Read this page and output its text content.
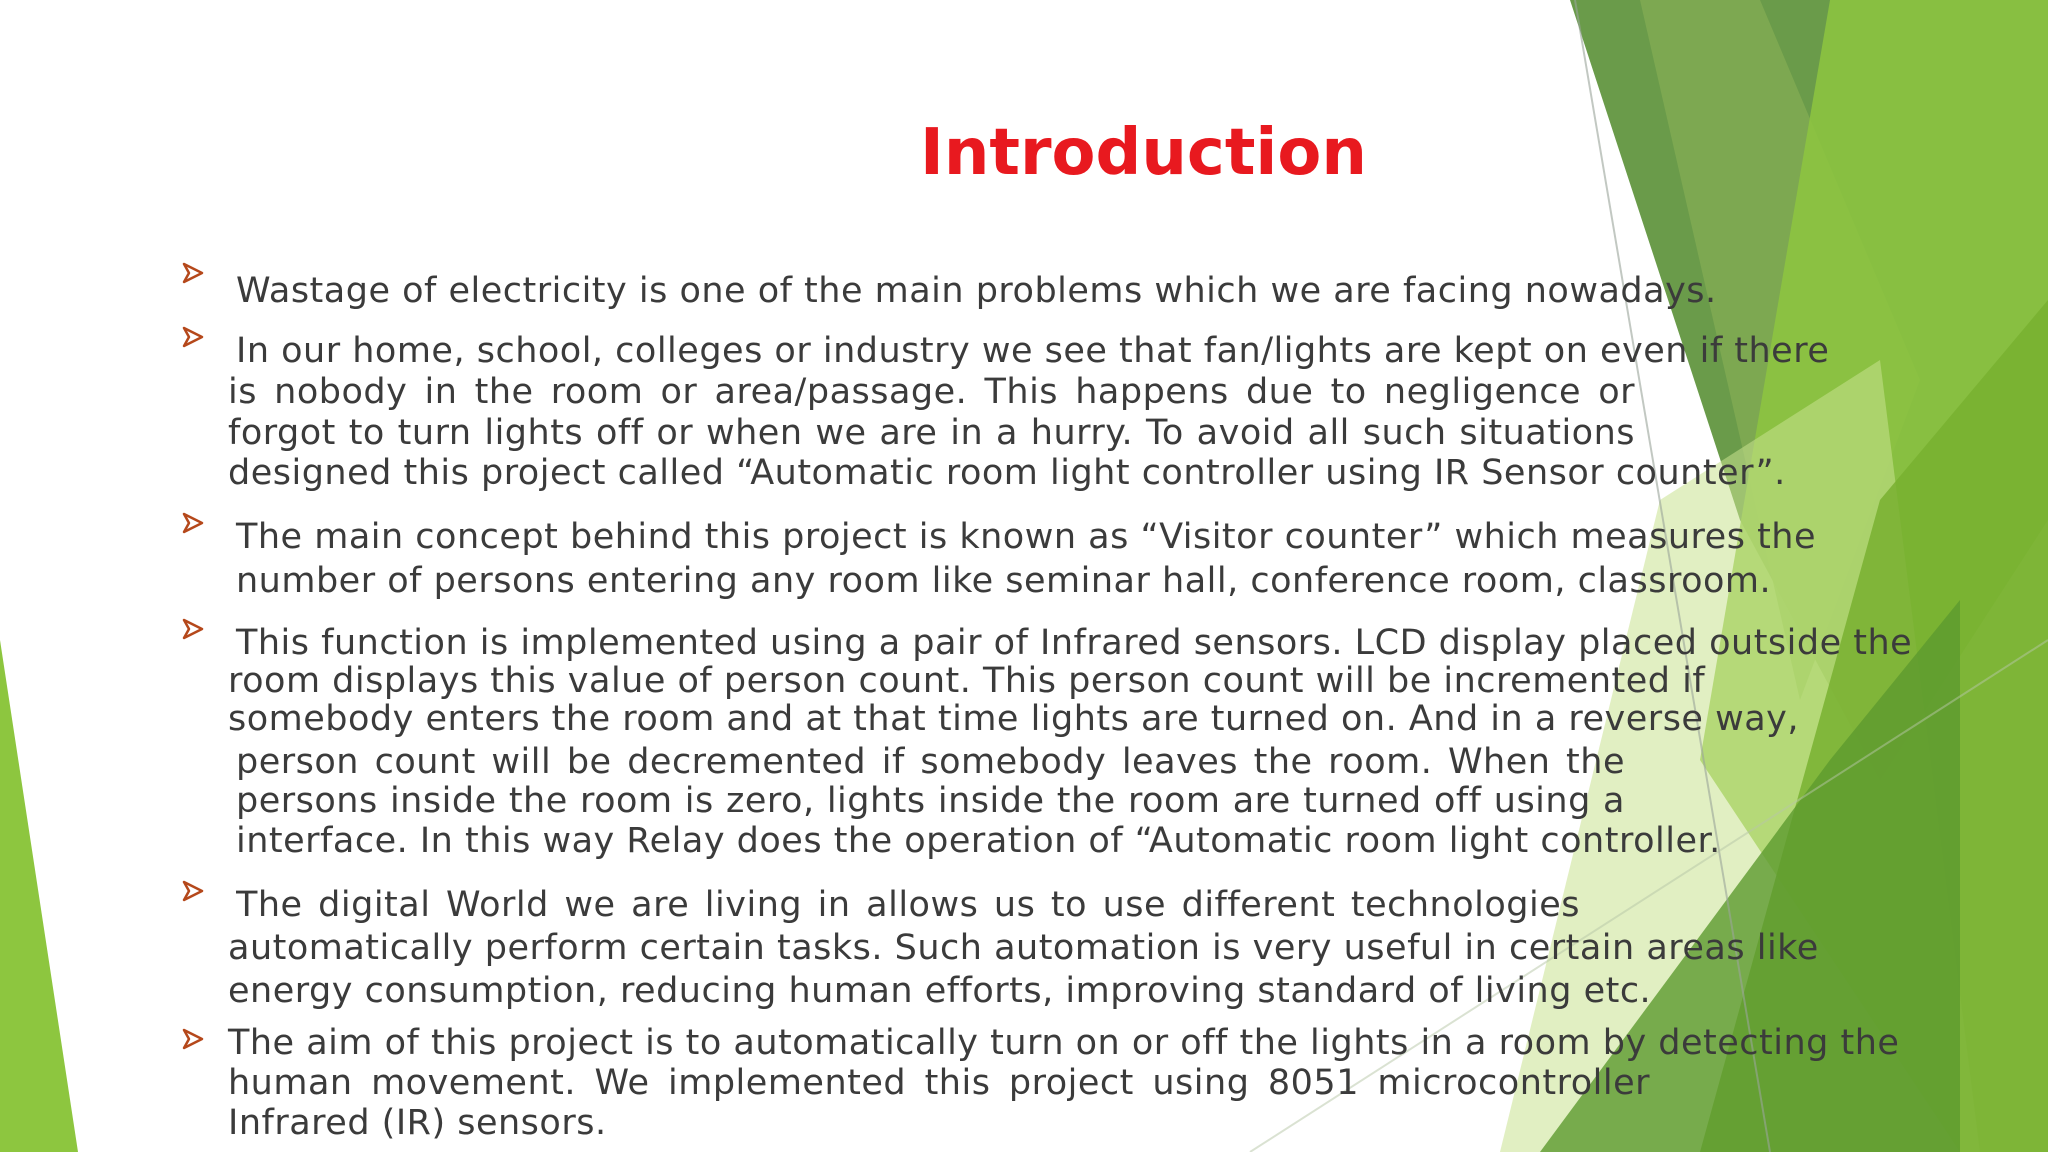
Introduction
Wastage of electricity is one of the main problems which we are facing nowadays.
In our home, school, colleges or industry we see that fan/lights are kept on even if there
is nobody in the room or area/passage. This happens due to negligence or
forgot to turn lights off or when we are in a hurry. To avoid all such situations
designed this project called “Automatic room light controller using IR Sensor counter”.
The main concept behind this project is known as “Visitor counter” which measures the
number of persons entering any room like seminar hall, conference room, classroom.
This function is implemented using a pair of Infrared sensors. LCD display placed outside the
room displays this value of person count. This person count will be incremented if
somebody enters the room and at that time lights are turned on. And in a reverse way,
person count will be decremented if somebody leaves the room. When the
persons inside the room is zero, lights inside the room are turned off using a
interface. In this way Relay does the operation of “Automatic room light controller.
The digital World we are living in allows us to use different technologies
automatically perform certain tasks. Such automation is very useful in certain areas like
energy consumption, reducing human efforts, improving standard of living etc.
The aim of this project is to automatically turn on or off the lights in a room by detecting the
human movement. We implemented this project using 8051 microcontroller
Infrared (IR) sensors.
